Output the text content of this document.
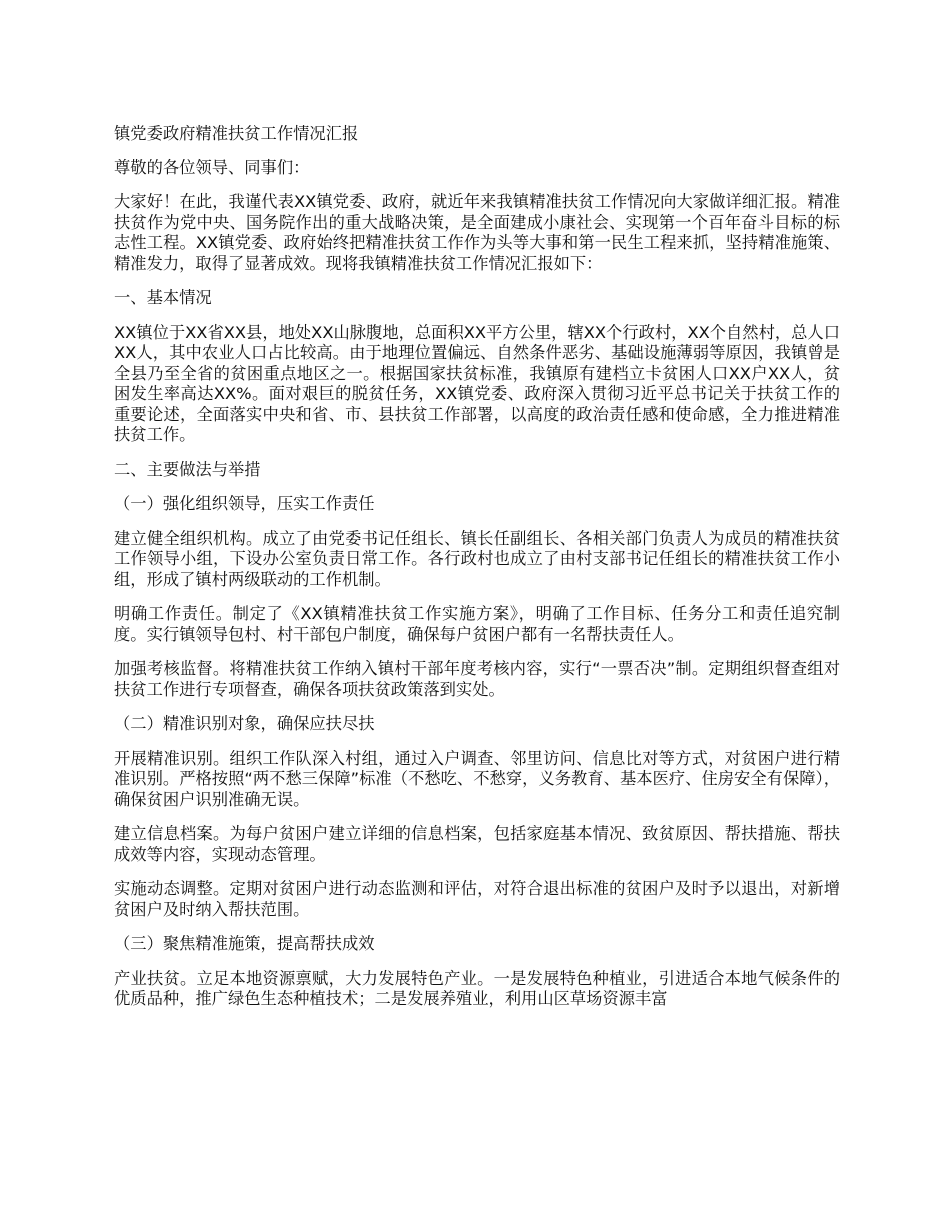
镇党委政府精准扶贫工作情况汇报

尊敬的各位领导、同事们：

大家好！在此，我谨代表XX镇党委、政府，就近年来我镇精准扶贫工作情况向大家做详细汇报。精准扶贫作为党中央、国务院作出的重大战略决策，是全面建成小康社会、实现第一个百年奋斗目标的标志性工程。XX镇党委、政府始终把精准扶贫工作作为头等大事和第一民生工程来抓，坚持精准施策、精准发力，取得了显著成效。现将我镇精准扶贫工作情况汇报如下：

一、基本情况

XX镇位于XX省XX县，地处XX山脉腹地，总面积XX平方公里，辖XX个行政村，XX个自然村，总人口XX人，其中农业人口占比较高。由于地理位置偏远、自然条件恶劣、基础设施薄弱等原因，我镇曾是全县乃至全省的贫困重点地区之一。根据国家扶贫标准，我镇原有建档立卡贫困人口XX户XX人，贫困发生率高达XX%。面对艰巨的脱贫任务，XX镇党委、政府深入贯彻习近平总书记关于扶贫工作的重要论述，全面落实中央和省、市、县扶贫工作部署，以高度的政治责任感和使命感，全力推进精准扶贫工作。

二、主要做法与举措

（一）强化组织领导，压实工作责任

建立健全组织机构。成立了由党委书记任组长、镇长任副组长、各相关部门负责人为成员的精准扶贫工作领导小组，下设办公室负责日常工作。各行政村也成立了由村支部书记任组长的精准扶贫工作小组，形成了镇村两级联动的工作机制。

明确工作责任。制定了《XX镇精准扶贫工作实施方案》，明确了工作目标、任务分工和责任追究制度。实行镇领导包村、村干部包户制度，确保每户贫困户都有一名帮扶责任人。

加强考核监督。将精准扶贫工作纳入镇村干部年度考核内容，实行“一票否决”制。定期组织督查组对扶贫工作进行专项督查，确保各项扶贫政策落到实处。

（二）精准识别对象，确保应扶尽扶

开展精准识别。组织工作队深入村组，通过入户调查、邻里访问、信息比对等方式，对贫困户进行精准识别。严格按照“两不愁三保障”标准（不愁吃、不愁穿，义务教育、基本医疗、住房安全有保障），确保贫困户识别准确无误。

建立信息档案。为每户贫困户建立详细的信息档案，包括家庭基本情况、致贫原因、帮扶措施、帮扶成效等内容，实现动态管理。

实施动态调整。定期对贫困户进行动态监测和评估，对符合退出标准的贫困户及时予以退出，对新增贫困户及时纳入帮扶范围。

（三）聚焦精准施策，提高帮扶成效

产业扶贫。立足本地资源禀赋，大力发展特色产业。一是发展特色种植业，引进适合本地气候条件的优质品种，推广绿色生态种植技术；二是发展养殖业，利用山区草场资源丰富
